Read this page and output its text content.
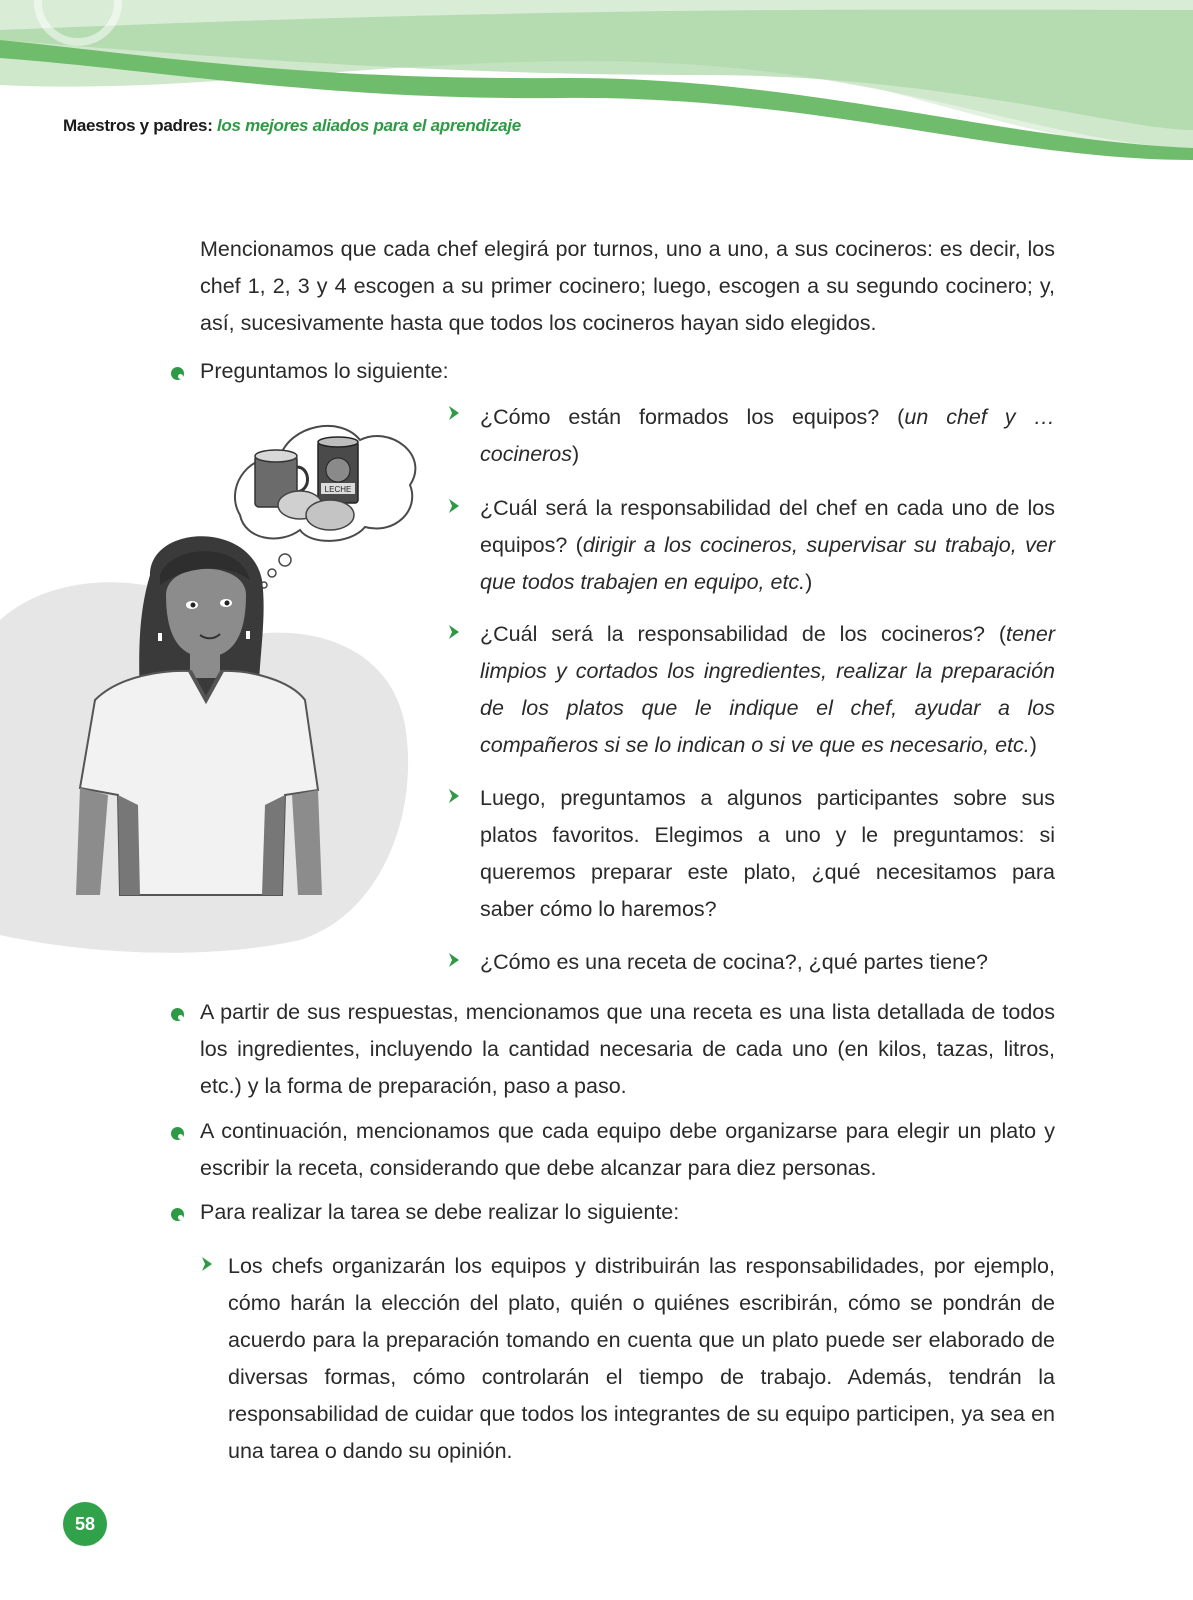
Maestros y padres: los mejores aliados para el aprendizaje
Mencionamos que cada chef elegirá por turnos, uno a uno, a sus cocineros: es decir, los chef 1, 2, 3 y 4 escogen a su primer cocinero; luego, escogen a su segundo cocinero; y, así, sucesivamente hasta que todos los cocineros hayan sido elegidos.
Preguntamos lo siguiente:
LECHE
¿Cómo están formados los equipos? (un chef y … cocineros)
¿Cuál será la responsabilidad del chef en cada uno de los equipos? (dirigir a los cocineros, supervisar su trabajo, ver que todos trabajen en equipo, etc.)
¿Cuál será la responsabilidad de los cocineros? (tener limpios y cortados los ingredientes, realizar la preparación de los platos que le indique el chef, ayudar a los compañeros si se lo indican o si ve que es necesario, etc.)
Luego, preguntamos a algunos participantes sobre sus platos favoritos. Elegimos a uno y le preguntamos: si queremos preparar este plato, ¿qué necesitamos para saber cómo lo haremos?
¿Cómo es una receta de cocina?, ¿qué partes tiene?
A partir de sus respuestas, mencionamos que una receta es una lista detallada de todos los ingredientes, incluyendo la cantidad necesaria de cada uno (en kilos, tazas, litros, etc.) y la forma de preparación, paso a paso.
A continuación, mencionamos que cada equipo debe organizarse para elegir un plato y escribir la receta, considerando que debe alcanzar para diez personas.
Para realizar la tarea se debe realizar lo siguiente:
Los chefs organizarán los equipos y distribuirán las responsabilidades, por ejemplo, cómo harán la elección del plato, quién o quiénes escribirán, cómo se pondrán de acuerdo para la preparación tomando en cuenta que un plato puede ser elaborado de diversas formas, cómo controlarán el tiempo de trabajo. Además, tendrán la responsabilidad de cuidar que todos los integrantes de su equipo participen, ya sea en una tarea o dando su opinión.
58
